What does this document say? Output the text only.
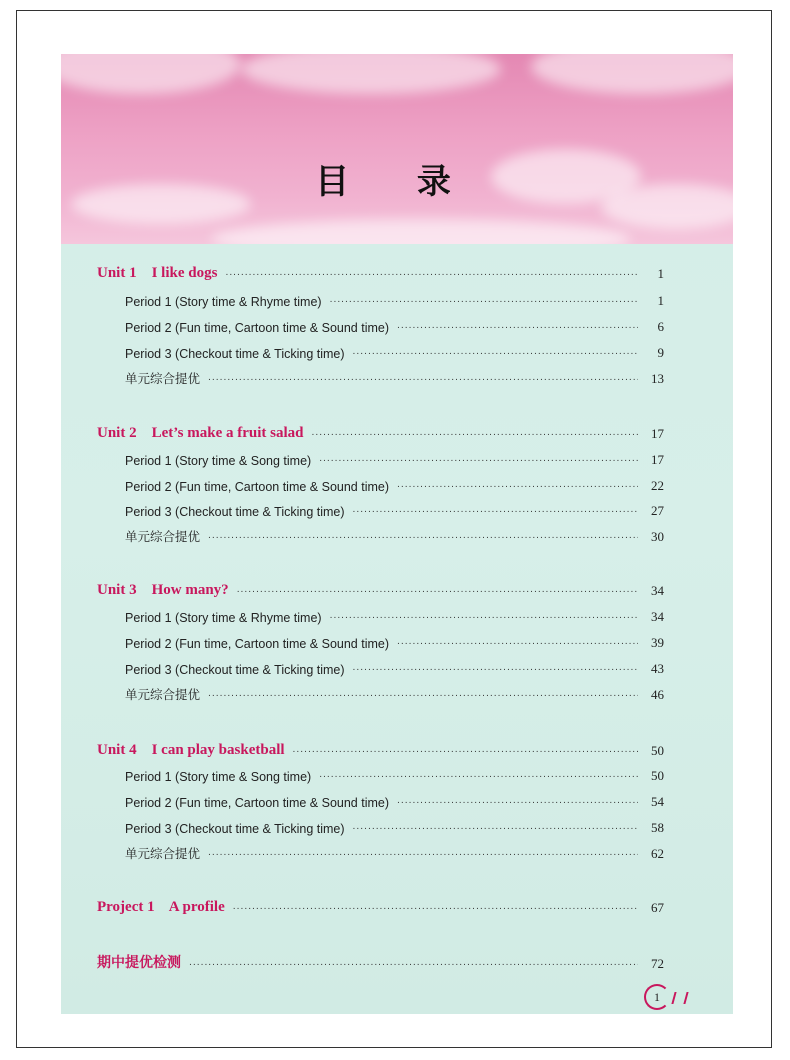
目 录
Unit 1    I like dogs .....	1
Period 1 (Story time & Rhyme time) .....	1
Period 2 (Fun time, Cartoon time & Sound time) .....	6
Period 3 (Checkout time & Ticking time) .....	9
单元综合提优 .....	13
Unit 2    Let’s make a fruit salad .....	17
Period 1 (Story time & Song time) .....	17
Period 2 (Fun time, Cartoon time & Sound time) .....	22
Period 3 (Checkout time & Ticking time) .....	27
单元综合提优 .....	30
Unit 3    How many? .....	34
Period 1 (Story time & Rhyme time) .....	34
Period 2 (Fun time, Cartoon time & Sound time) .....	39
Period 3 (Checkout time & Ticking time) .....	43
单元综合提优 .....	46
Unit 4    I can play basketball .....	50
Period 1 (Story time & Song time) .....	50
Period 2 (Fun time, Cartoon time & Sound time) .....	54
Period 3 (Checkout time & Ticking time) .....	58
单元综合提优 .....	62
Project 1    A profile .....	67
期中提优检测 .....	72
1
